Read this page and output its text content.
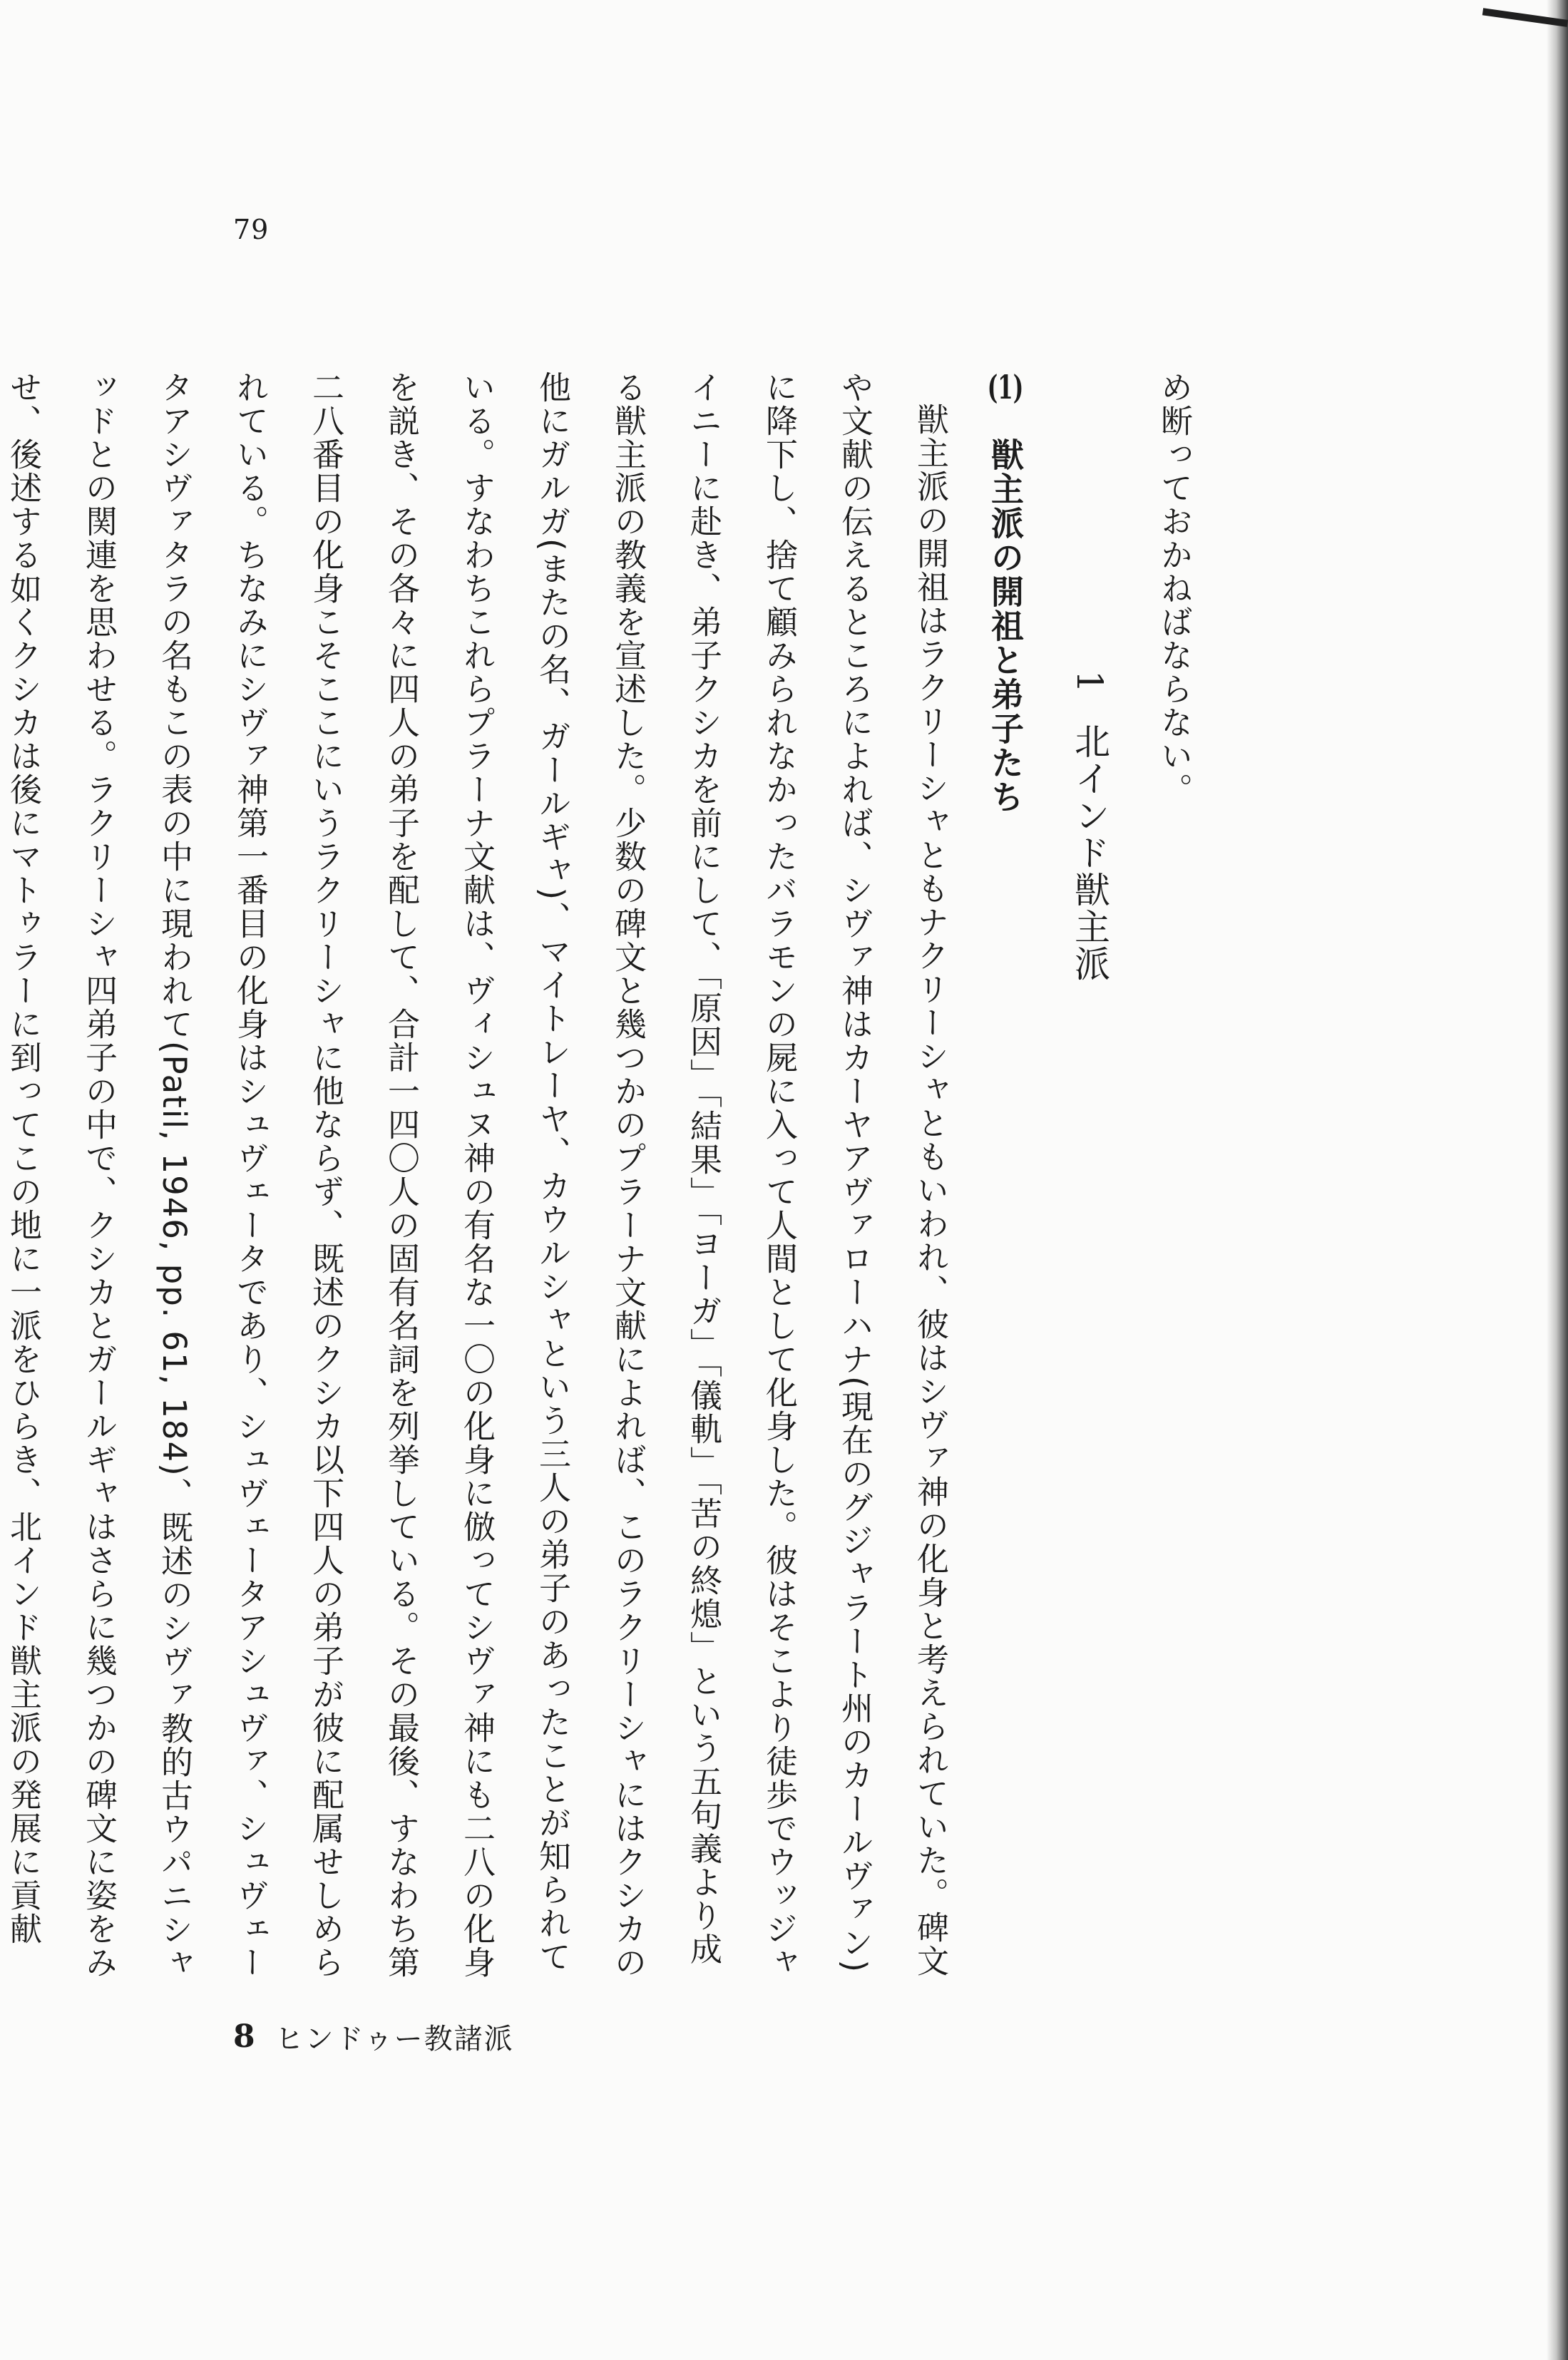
79

め断っておかねばならない。

1北インド獣主派
(1)　獣主派の開祖と弟子たち

獣主派の開祖はラクリーシャともナクリーシャともいわれ、彼はシヴァ神の化身と考えられていた。碑文や文献の伝えるところによれば、シヴァ神はカーヤアヴァローハナ(現在のグジャラート州のカールヴァン)に降下し、捨て顧みられなかったバラモンの屍に入って人間として化身した。彼はそこより徒歩でウッジャイニーに赴き、弟子クシカを前にして、「原因」「結果」「ヨーガ」「儀軌」「苦の終熄」という五句義より成る獣主派の教義を宣述した。少数の碑文と幾つかのプラーナ文献によれば、このラクリーシャにはクシカの他にガルガ(またの名、ガールギャ)、マイトレーヤ、カウルシャという三人の弟子のあったことが知られている。すなわちこれらプラーナ文献は、ヴィシュヌ神の有名な一〇の化身に倣ってシヴァ神にも二八の化身を説き、その各々に四人の弟子を配して、合計一四〇人の固有名詞を列挙している。その最後、すなわち第二八番目の化身こそここにいうラクリーシャに他ならず、既述のクシカ以下四人の弟子が彼に配属せしめられている。ちなみにシヴァ神第一番目の化身はシュヴェータであり、シュヴェータアシュヴァ、シュヴェータアシヴァタラの名もこの表の中に現われて(Patil, 1946, pp. 61, 184)、既述のシヴァ教的古ウパニシャッドとの関連を思わせる。ラクリーシャ四弟子の中で、クシカとガールギャはさらに幾つかの碑文に姿をみせ、後述する如くクシカは後にマトゥラーに到ってこの地に一派をひらき、北インド獣主派の発展に貢献

8 ヒンドゥー教諸派
